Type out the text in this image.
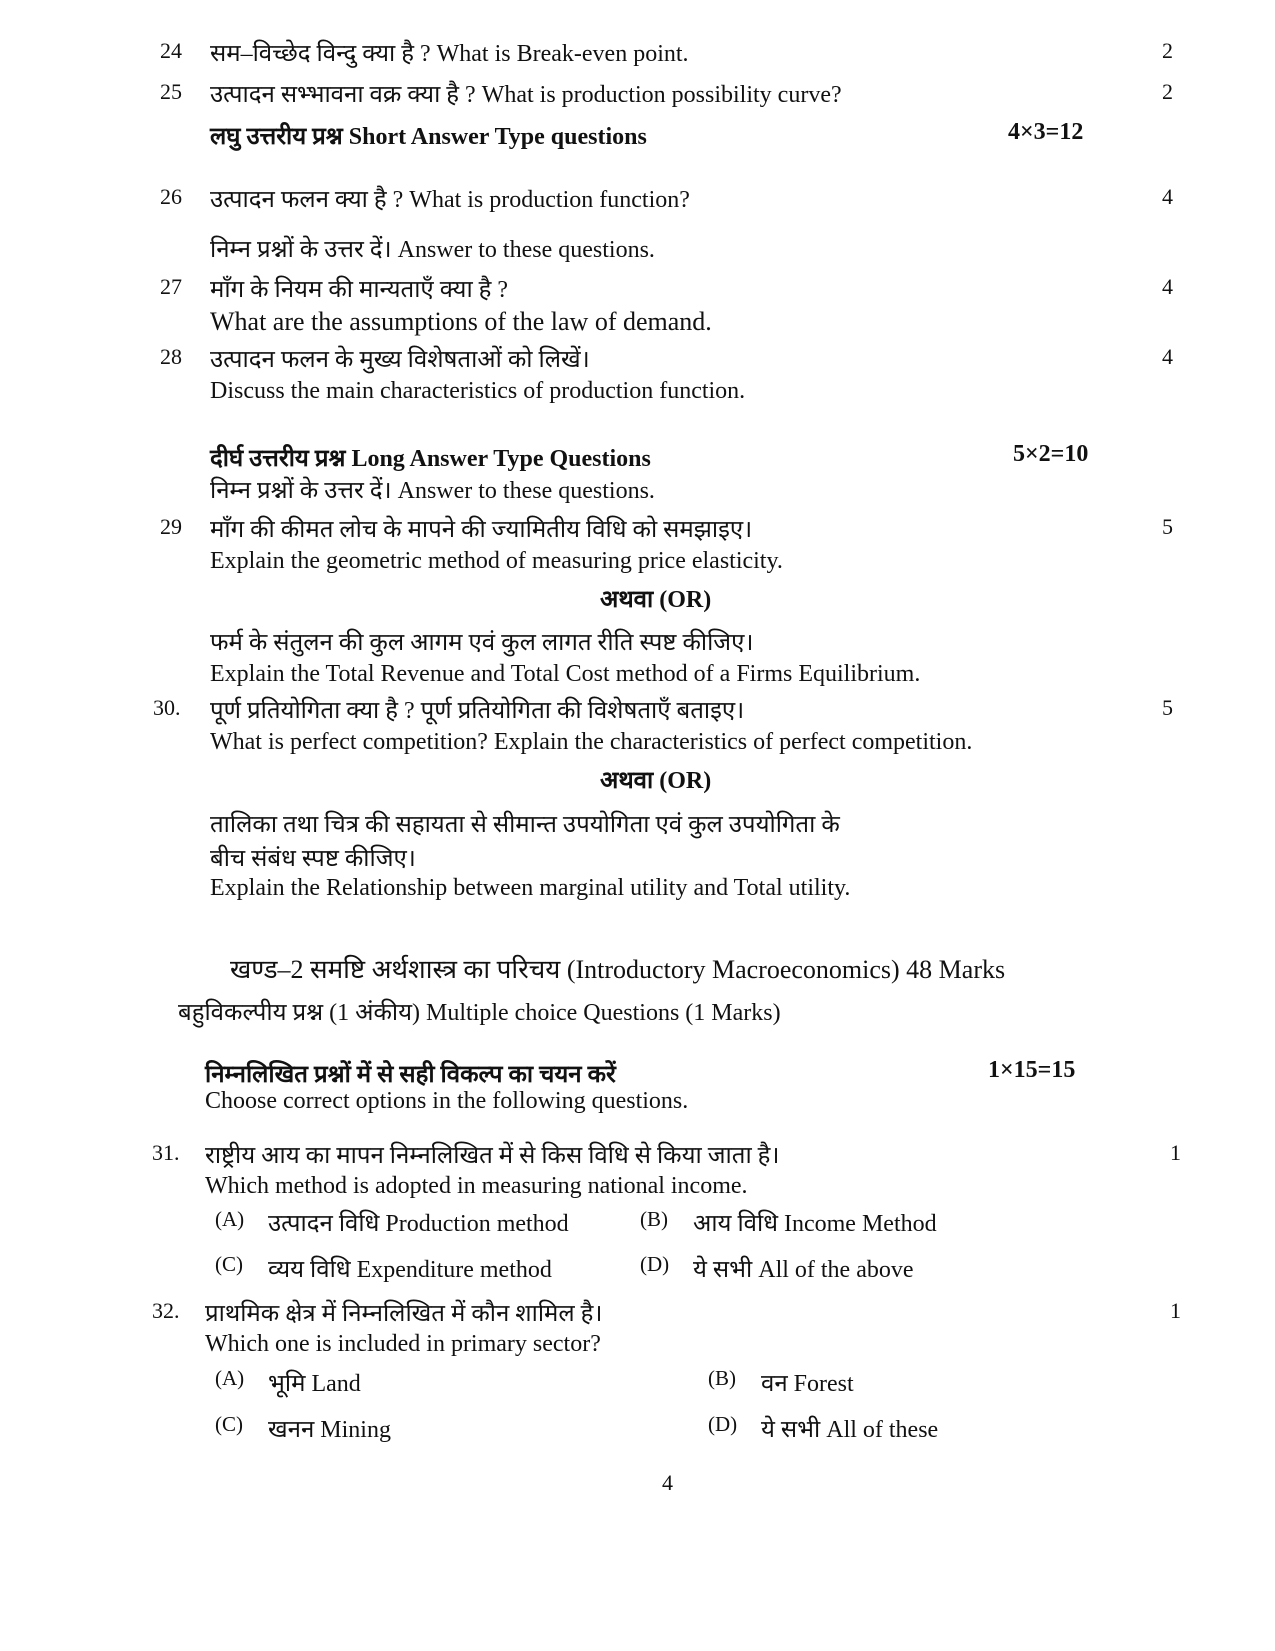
24 सम–विच्छेद विन्दु क्या है ? What is Break-even point.	2
25 उत्पादन सभ्भावना वक्र क्या है ? What is production possibility curve?	2
लघु उत्तरीय प्रश्न Short Answer Type questions	4×3=12
26 उत्पादन फलन क्या है ? What is production function?	4
निम्न प्रश्नों के उत्तर दें। Answer to these questions.
27 माँग के नियम की मान्यताएँ क्या है ?	4
What are the assumptions of the law of demand.
28 उत्पादन फलन के मुख्य विशेषताओं को लिखें।	4
Discuss the main characteristics of production function.
दीर्घ उत्तरीय प्रश्न Long Answer Type Questions	5×2=10
निम्न प्रश्नों के उत्तर दें। Answer to these questions.
29 माँग की कीमत लोच के मापने की ज्यामितीय विधि को समझाइए।	5
Explain the geometric method of measuring price elasticity.
अथवा (OR)
फर्म के संतुलन की कुल आगम एवं कुल लागत रीति स्पष्ट कीजिए।
Explain the Total Revenue and Total Cost method of a Firms Equilibrium.
30. पूर्ण प्रतियोगिता क्या है ? पूर्ण प्रतियोगिता की विशेषताएँ बताइए।	5
What is perfect competition? Explain the characteristics of perfect competition.
अथवा (OR)
तालिका तथा चित्र की सहायता से सीमान्त उपयोगिता एवं कुल उपयोगिता के
बीच संबंध स्पष्ट कीजिए।
Explain the Relationship between marginal utility and Total utility.
खण्ड–2 समष्टि अर्थशास्त्र का परिचय (Introductory Macroeconomics) 48 Marks
बहुविकल्पीय प्रश्न (1 अंकीय) Multiple choice Questions (1 Marks)
निम्नलिखित प्रश्नों में से सही विकल्प का चयन करें	1×15=15
Choose correct options in the following questions.
31. राष्ट्रीय आय का मापन निम्नलिखित में से किस विधि से किया जाता है।	1
Which method is adopted in measuring national income.
(A) उत्पादन विधि Production method	(B) आय विधि Income Method
(C) व्यय विधि Expenditure method	(D) ये सभी All of the above
32. प्राथमिक क्षेत्र में निम्नलिखित में कौन शामिल है।	1
Which one is included in primary sector?
(A) भूमि Land	(B) वन Forest
(C) खनन Mining	(D) ये सभी All of these
4
